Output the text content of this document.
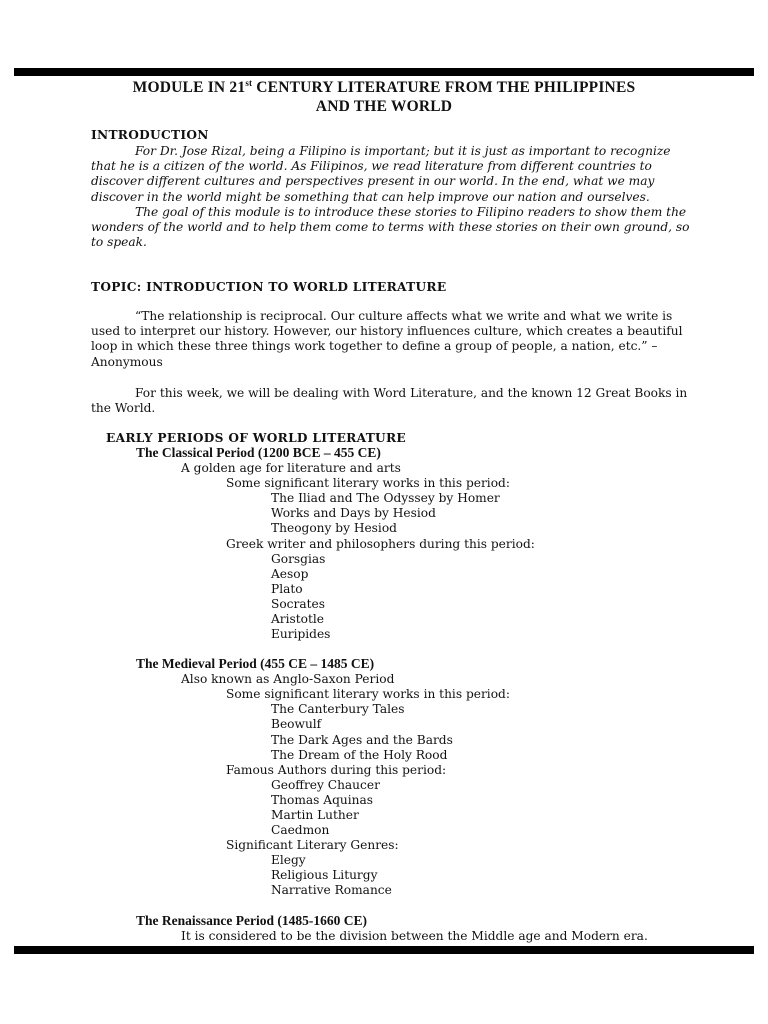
MODULE IN 21st CENTURY LITERATURE FROM THE PHILIPPINES
AND THE WORLD
INTRODUCTION
For Dr. Jose Rizal, being a Filipino is important; but it is just as important to recognize
that he is a citizen of the world. As Filipinos, we read literature from different countries to
discover different cultures and perspectives present in our world. In the end, what we may
discover in the world might be something that can help improve our nation and ourselves.
The goal of this module is to introduce these stories to Filipino readers to show them the
wonders of the world and to help them come to terms with these stories on their own ground, so
to speak.
TOPIC: INTRODUCTION TO WORLD LITERATURE
“The relationship is reciprocal. Our culture affects what we write and what we write is
used to interpret our history. However, our history influences culture, which creates a beautiful
loop in which these three things work together to define a group of people, a nation, etc.” –
Anonymous
For this week, we will be dealing with Word Literature, and the known 12 Great Books in
the World.
EARLY PERIODS OF WORLD LITERATURE
The Classical Period (1200 BCE – 455 CE)
A golden age for literature and arts
Some significant literary works in this period:
The Iliad and The Odyssey by Homer
Works and Days by Hesiod
Theogony by Hesiod
Greek writer and philosophers during this period:
Gorsgias
Aesop
Plato
Socrates
Aristotle
Euripides
The Medieval Period (455 CE – 1485 CE)
Also known as Anglo-Saxon Period
Some significant literary works in this period:
The Canterbury Tales
Beowulf
The Dark Ages and the Bards
The Dream of the Holy Rood
Famous Authors during this period:
Geoffrey Chaucer
Thomas Aquinas
Martin Luther
Caedmon
Significant Literary Genres:
Elegy
Religious Liturgy
Narrative Romance
The Renaissance Period (1485-1660 CE)
It is considered to be the division between the Middle age and Modern era.
